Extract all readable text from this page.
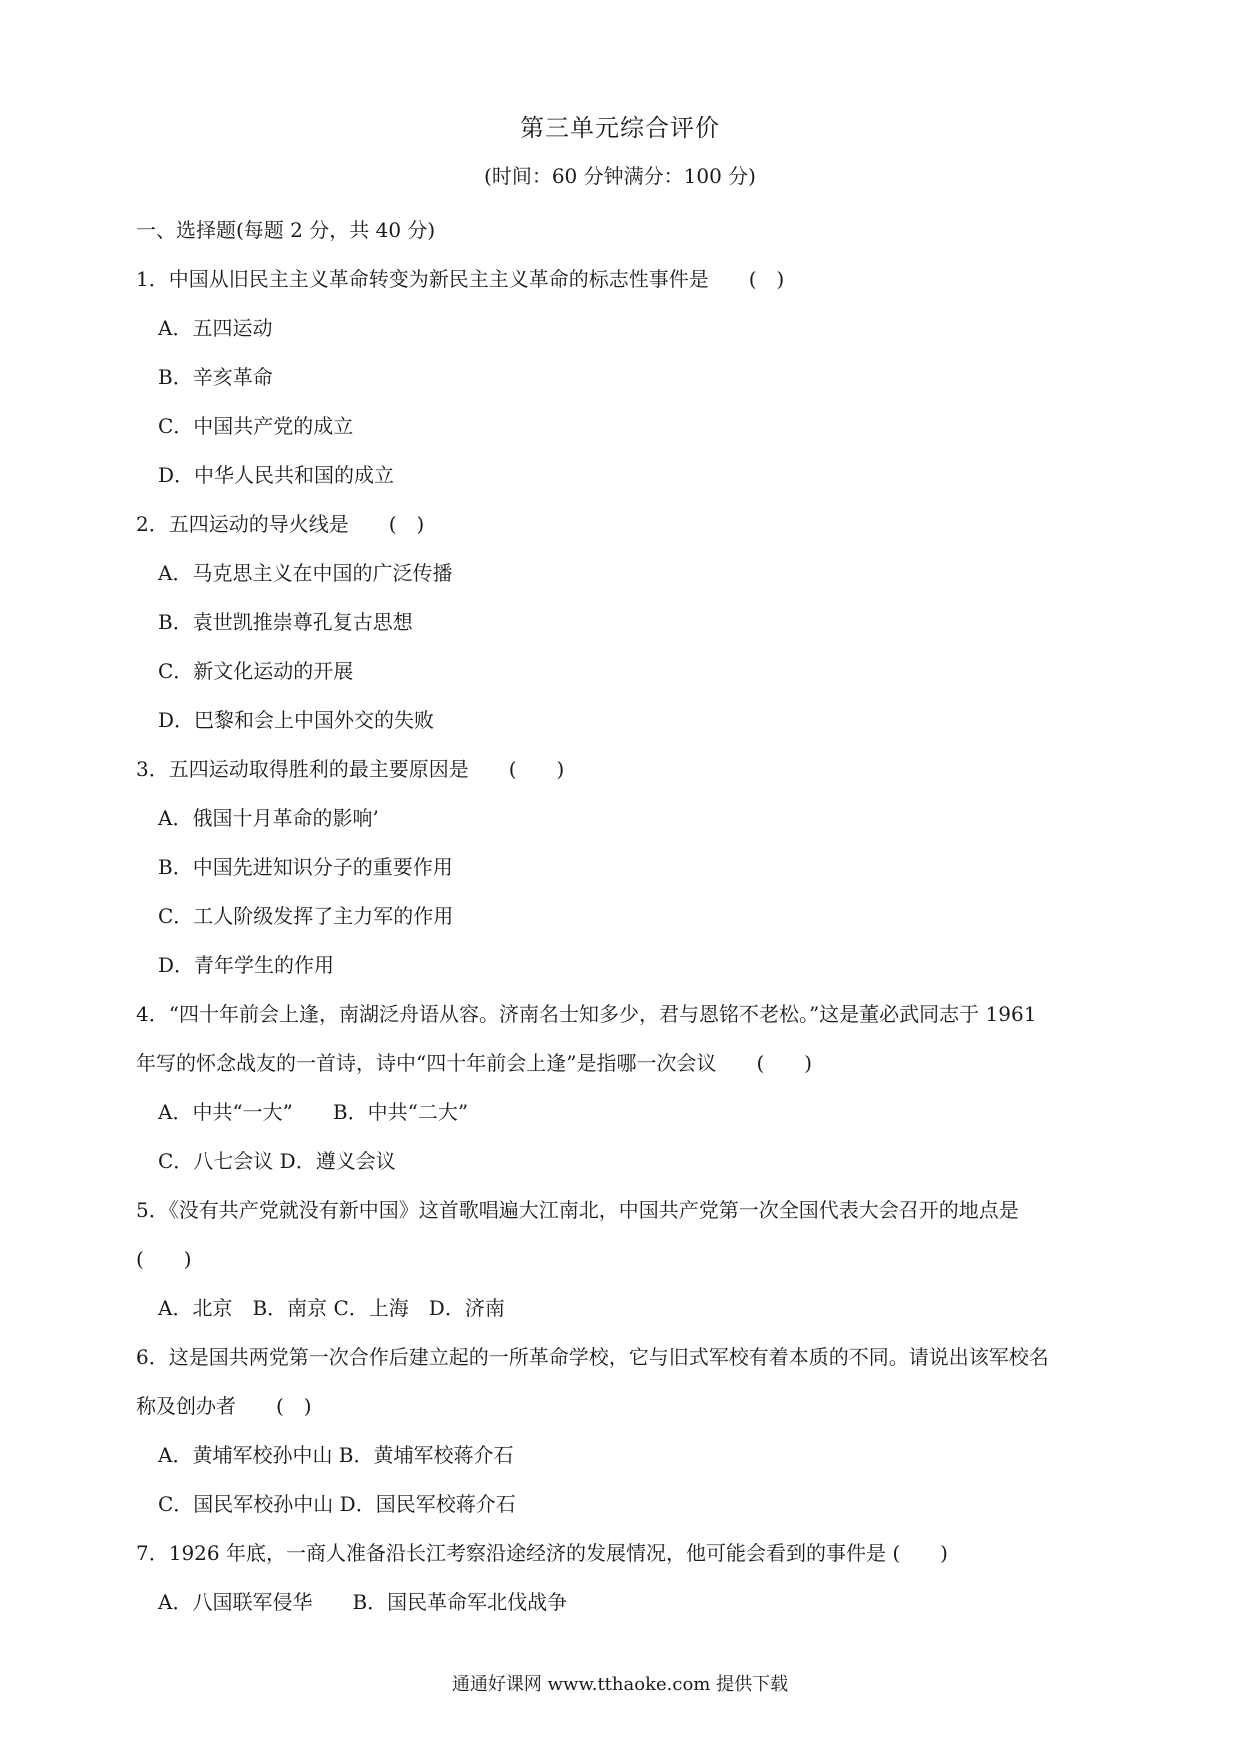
第三单元综合评价
(时间：60 分钟满分：100 分)
一、选择题(每题 2 分，共 40 分)
1．中国从旧民主主义革命转变为新民主主义革命的标志性事件是　　(　)
A．五四运动
B．辛亥革命
C．中国共产党的成立
D．中华人民共和国的成立
2．五四运动的导火线是　　(　)
A．马克思主义在中国的广泛传播
B．袁世凯推崇尊孔复古思想
C．新文化运动的开展
D．巴黎和会上中国外交的失败
3．五四运动取得胜利的最主要原因是　　(　　)
A．俄国十月革命的影响’
B．中国先进知识分子的重要作用
C．工人阶级发挥了主力军的作用
D．青年学生的作用
4．“四十年前会上逢，南湖泛舟语从容。济南名士知多少，君与恩铭不老松。”这是董必武同志于 1961
年写的怀念战友的一首诗，诗中“四十年前会上逢”是指哪一次会议　　(　　)
A．中共“一大” B．中共“二大”
C．八七会议 D．遵义会议
5．《没有共产党就没有新中国》这首歌唱遍大江南北，中国共产党第一次全国代表大会召开的地点是
(　　)
A．北京　B．南京 C．上海　D．济南
6．这是国共两党第一次合作后建立起的一所革命学校，它与旧式军校有着本质的不同。请说出该军校名
称及创办者　　(　)
A．黄埔军校孙中山 B．黄埔军校蒋介石
C．国民军校孙中山 D．国民军校蒋介石
7．1926 年底，一商人准备沿长江考察沿途经济的发展情况，他可能会看到的事件是 (　　)
A．八国联军侵华 B．国民革命军北伐战争
通通好课网 www.tthaoke.com 提供下载
